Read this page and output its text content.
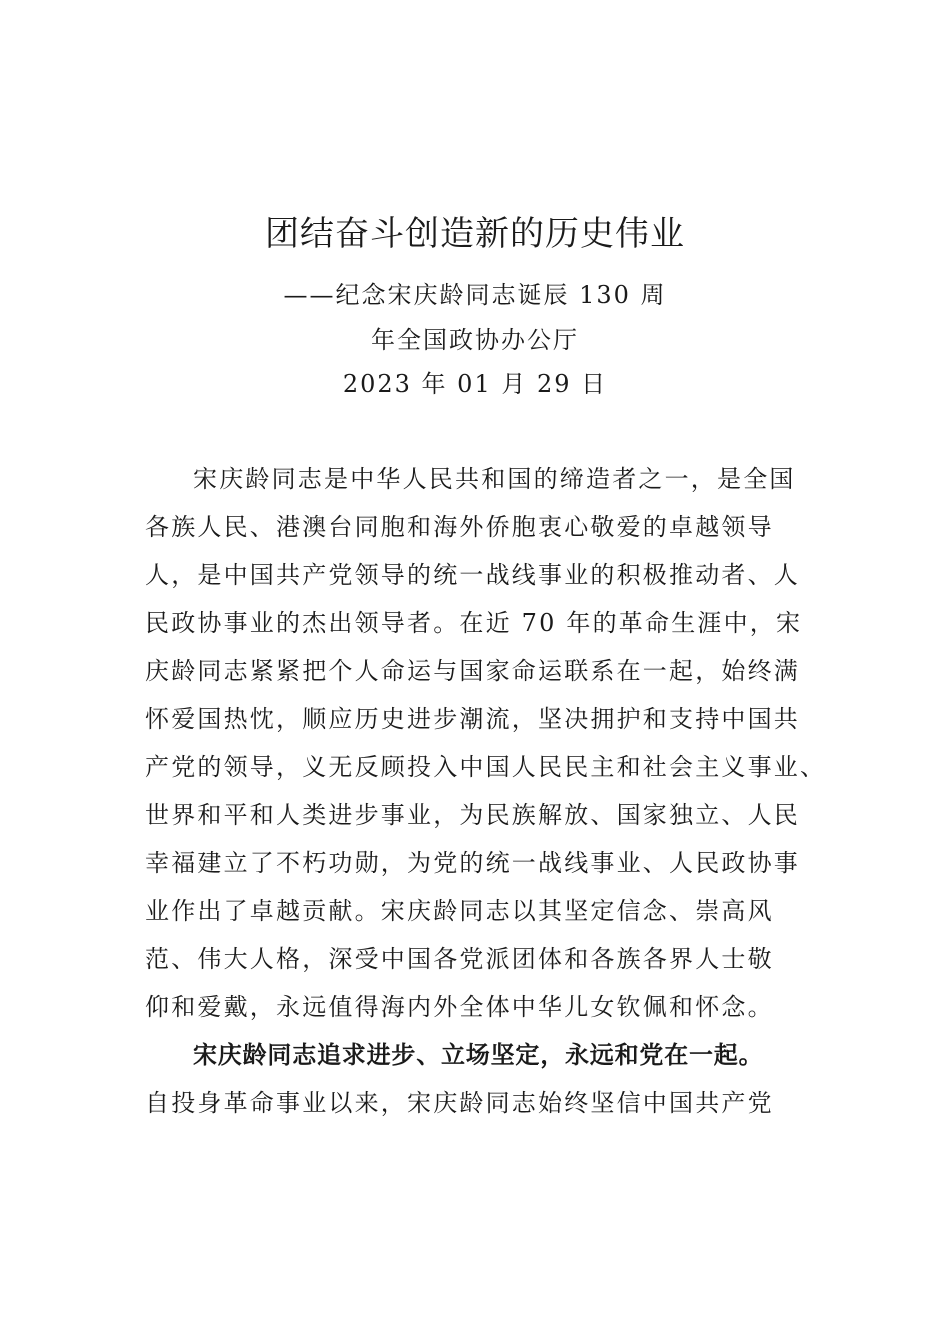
团结奋斗创造新的历史伟业
——纪念宋庆龄同志诞辰 130 周
年全国政协办公厅
2023 年 01 月 29 日
宋庆龄同志是中华人民共和国的缔造者之一，是全国
各族人民、港澳台同胞和海外侨胞衷心敬爱的卓越领导
人，是中国共产党领导的统一战线事业的积极推动者、人
民政协事业的杰出领导者。在近 70 年的革命生涯中，宋
庆龄同志紧紧把个人命运与国家命运联系在一起，始终满
怀爱国热忱，顺应历史进步潮流，坚决拥护和支持中国共
产党的领导，义无反顾投入中国人民民主和社会主义事业、
世界和平和人类进步事业，为民族解放、国家独立、人民
幸福建立了不朽功勋，为党的统一战线事业、人民政协事
业作出了卓越贡献。宋庆龄同志以其坚定信念、崇高风
范、伟大人格，深受中国各党派团体和各族各界人士敬
仰和爱戴，永远值得海内外全体中华儿女钦佩和怀念。
宋庆龄同志追求进步、立场坚定，永远和党在一起。
自投身革命事业以来，宋庆龄同志始终坚信中国共产党
